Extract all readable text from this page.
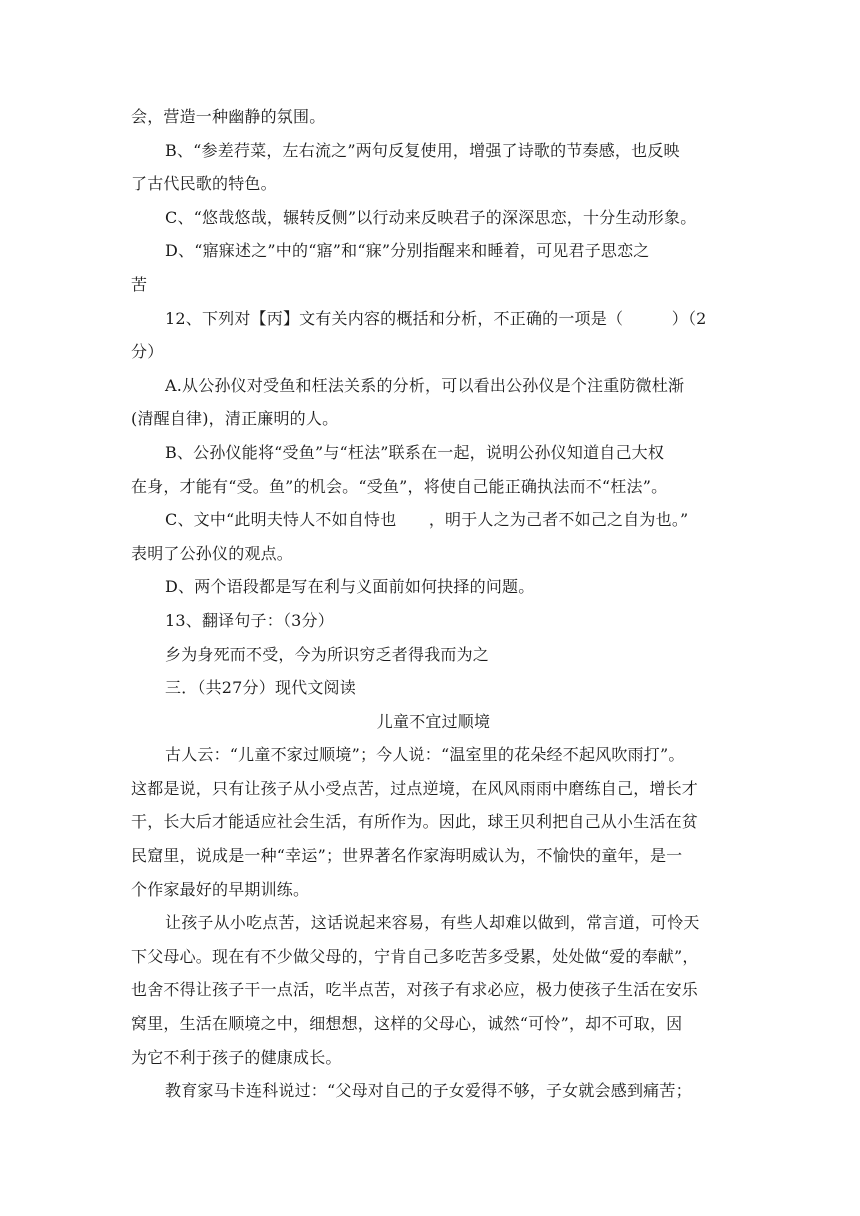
会，营造一种幽静的氛围。
B、“参差荇菜，左右流之”两句反复使用，增强了诗歌的节奏感，也反映
了古代民歌的特色。
C、“悠哉悠哉，辗转反侧”以行动来反映君子的深深思恋，十分生动形象。
D、“寤寐述之”中的“寤”和“寐”分别指醒来和睡着，可见君子思恋之
苦
12、下列对【丙】文有关内容的概括和分析，不正确的一项是（　　　）（2
分）
A.从公孙仪对受鱼和枉法关系的分析，可以看出公孙仪是个注重防微杜渐
(清醒自律)，清正廉明的人。
B、公孙仪能将“受鱼”与“枉法”联系在一起，说明公孙仪知道自己大权
在身，才能有“受。鱼”的机会。“受鱼”，将使自己能正确执法而不“枉法”。
C、文中“此明夫恃人不如自恃也　　，明于人之为己者不如己之自为也。”
表明了公孙仪的观点。
D、两个语段都是写在利与义面前如何抉择的问题。
13、翻译句子：（3分）
乡为身死而不受，今为所识穷乏者得我而为之
三．（共27分）现代文阅读
儿童不宜过顺境
古人云：“儿童不家过顺境”；今人说：“温室里的花朵经不起风吹雨打”。
这都是说，只有让孩子从小受点苦，过点逆境，在风风雨雨中磨练自己，增长才
干，长大后才能适应社会生活，有所作为。因此，球王贝利把自己从小生活在贫
民窟里，说成是一种“幸运”；世界著名作家海明威认为，不愉快的童年，是一
个作家最好的早期训练。
让孩子从小吃点苦，这话说起来容易，有些人却难以做到，常言道，可怜天
下父母心。现在有不少做父母的，宁肯自己多吃苦多受累，处处做“爱的奉献”，
也舍不得让孩子干一点活，吃半点苦，对孩子有求必应，极力使孩子生活在安乐
窝里，生活在顺境之中，细想想，这样的父母心，诚然“可怜”，却不可取，因
为它不利于孩子的健康成长。
教育家马卡连科说过：“父母对自己的子女爱得不够，子女就会感到痛苦；
